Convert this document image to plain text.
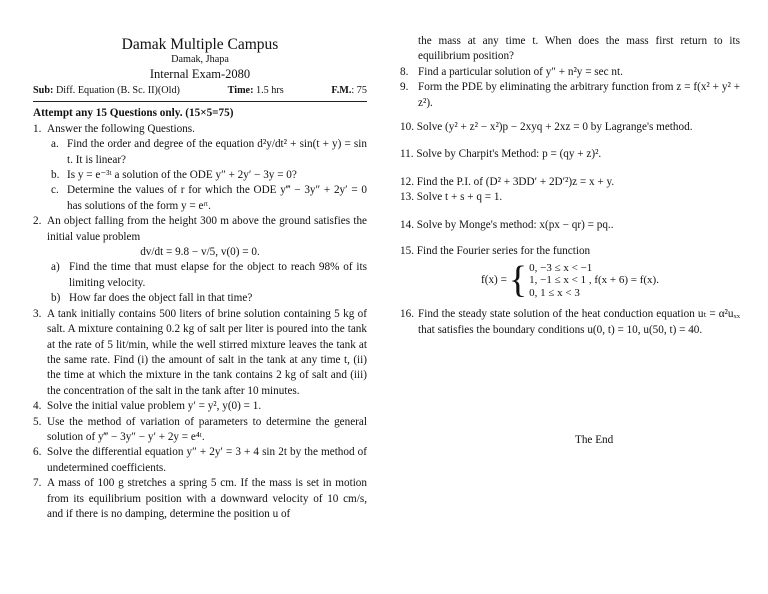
Damak Multiple Campus
Damak, Jhapa
Internal Exam-2080
Sub: Diff. Equation (B. Sc. II)(Old)	Time: 1.5 hrs	F.M.: 75
Attempt any 15 Questions only. (15×5=75)
1. Answer the following Questions.
a. Find the order and degree of the equation d²y/dt² + sin(t + y) = sin t. It is linear?
b. Is y = e⁻³ᵗ a solution of the ODE y″ + 2y′ − 3y = 0?
c. Determine the values of r for which the ODE y‴ − 3y″ + 2y′ = 0 has solutions of the form y = eʳᵗ.
2. An object falling from the height 300 m above the ground satisfies the initial value problem
dv/dt = 9.8 − v/5, v(0) = 0.
a) Find the time that must elapse for the object to reach 98% of its limiting velocity.
b) How far does the object fall in that time?
3. A tank initially contains 500 liters of brine solution containing 5 kg of salt. A mixture containing 0.2 kg of salt per liter is poured into the tank at the rate of 5 lit/min, while the well stirred mixture leaves the tank at the same rate. Find (i) the amount of salt in the tank at any time t, (ii) the time at which the mixture in the tank contains 2 kg of salt and (iii) the concentration of the salt in the tank after 10 minutes.
4. Solve the initial value problem y′ = y², y(0) = 1.
5. Use the method of variation of parameters to determine the general solution of y‴ − 3y″ − y′ + 2y = e⁴ᵗ.
6. Solve the differential equation y″ + 2y′ = 3 + 4 sin 2t by the method of undetermined coefficients.
7. A mass of 100 g stretches a spring 5 cm. If the mass is set in motion from its equilibrium position with a downward velocity of 10 cm/s, and if there is no damping, determine the position u of
the mass at any time t. When does the mass first return to its equilibrium position?
8. Find a particular solution of y″ + n²y = sec nt.
9. Form the PDE by eliminating the arbitrary function from z = f(x² + y² + z²).
10. Solve (y² + z² − x²)p − 2xyq + 2xz = 0 by Lagrange's method.
11. Solve by Charpit's Method: p = (qy + z)².
12. Find the P.I. of (D² + 3DD′ + 2D′²)z = x + y.
13. Solve t + s + q = 1.
14. Solve by Monge's method: x(px − qr) = pq..
15. Find the Fourier series for the function
f(x) = { 0, −3 ≤ x < −1
1, −1 ≤ x < 1 , f(x + 6) = f(x).
0, 1 ≤ x < 3
16. Find the steady state solution of the heat conduction equation uₜ = α²uₓₓ that satisfies the boundary conditions u(0, t) = 10, u(50, t) = 40.
The End
